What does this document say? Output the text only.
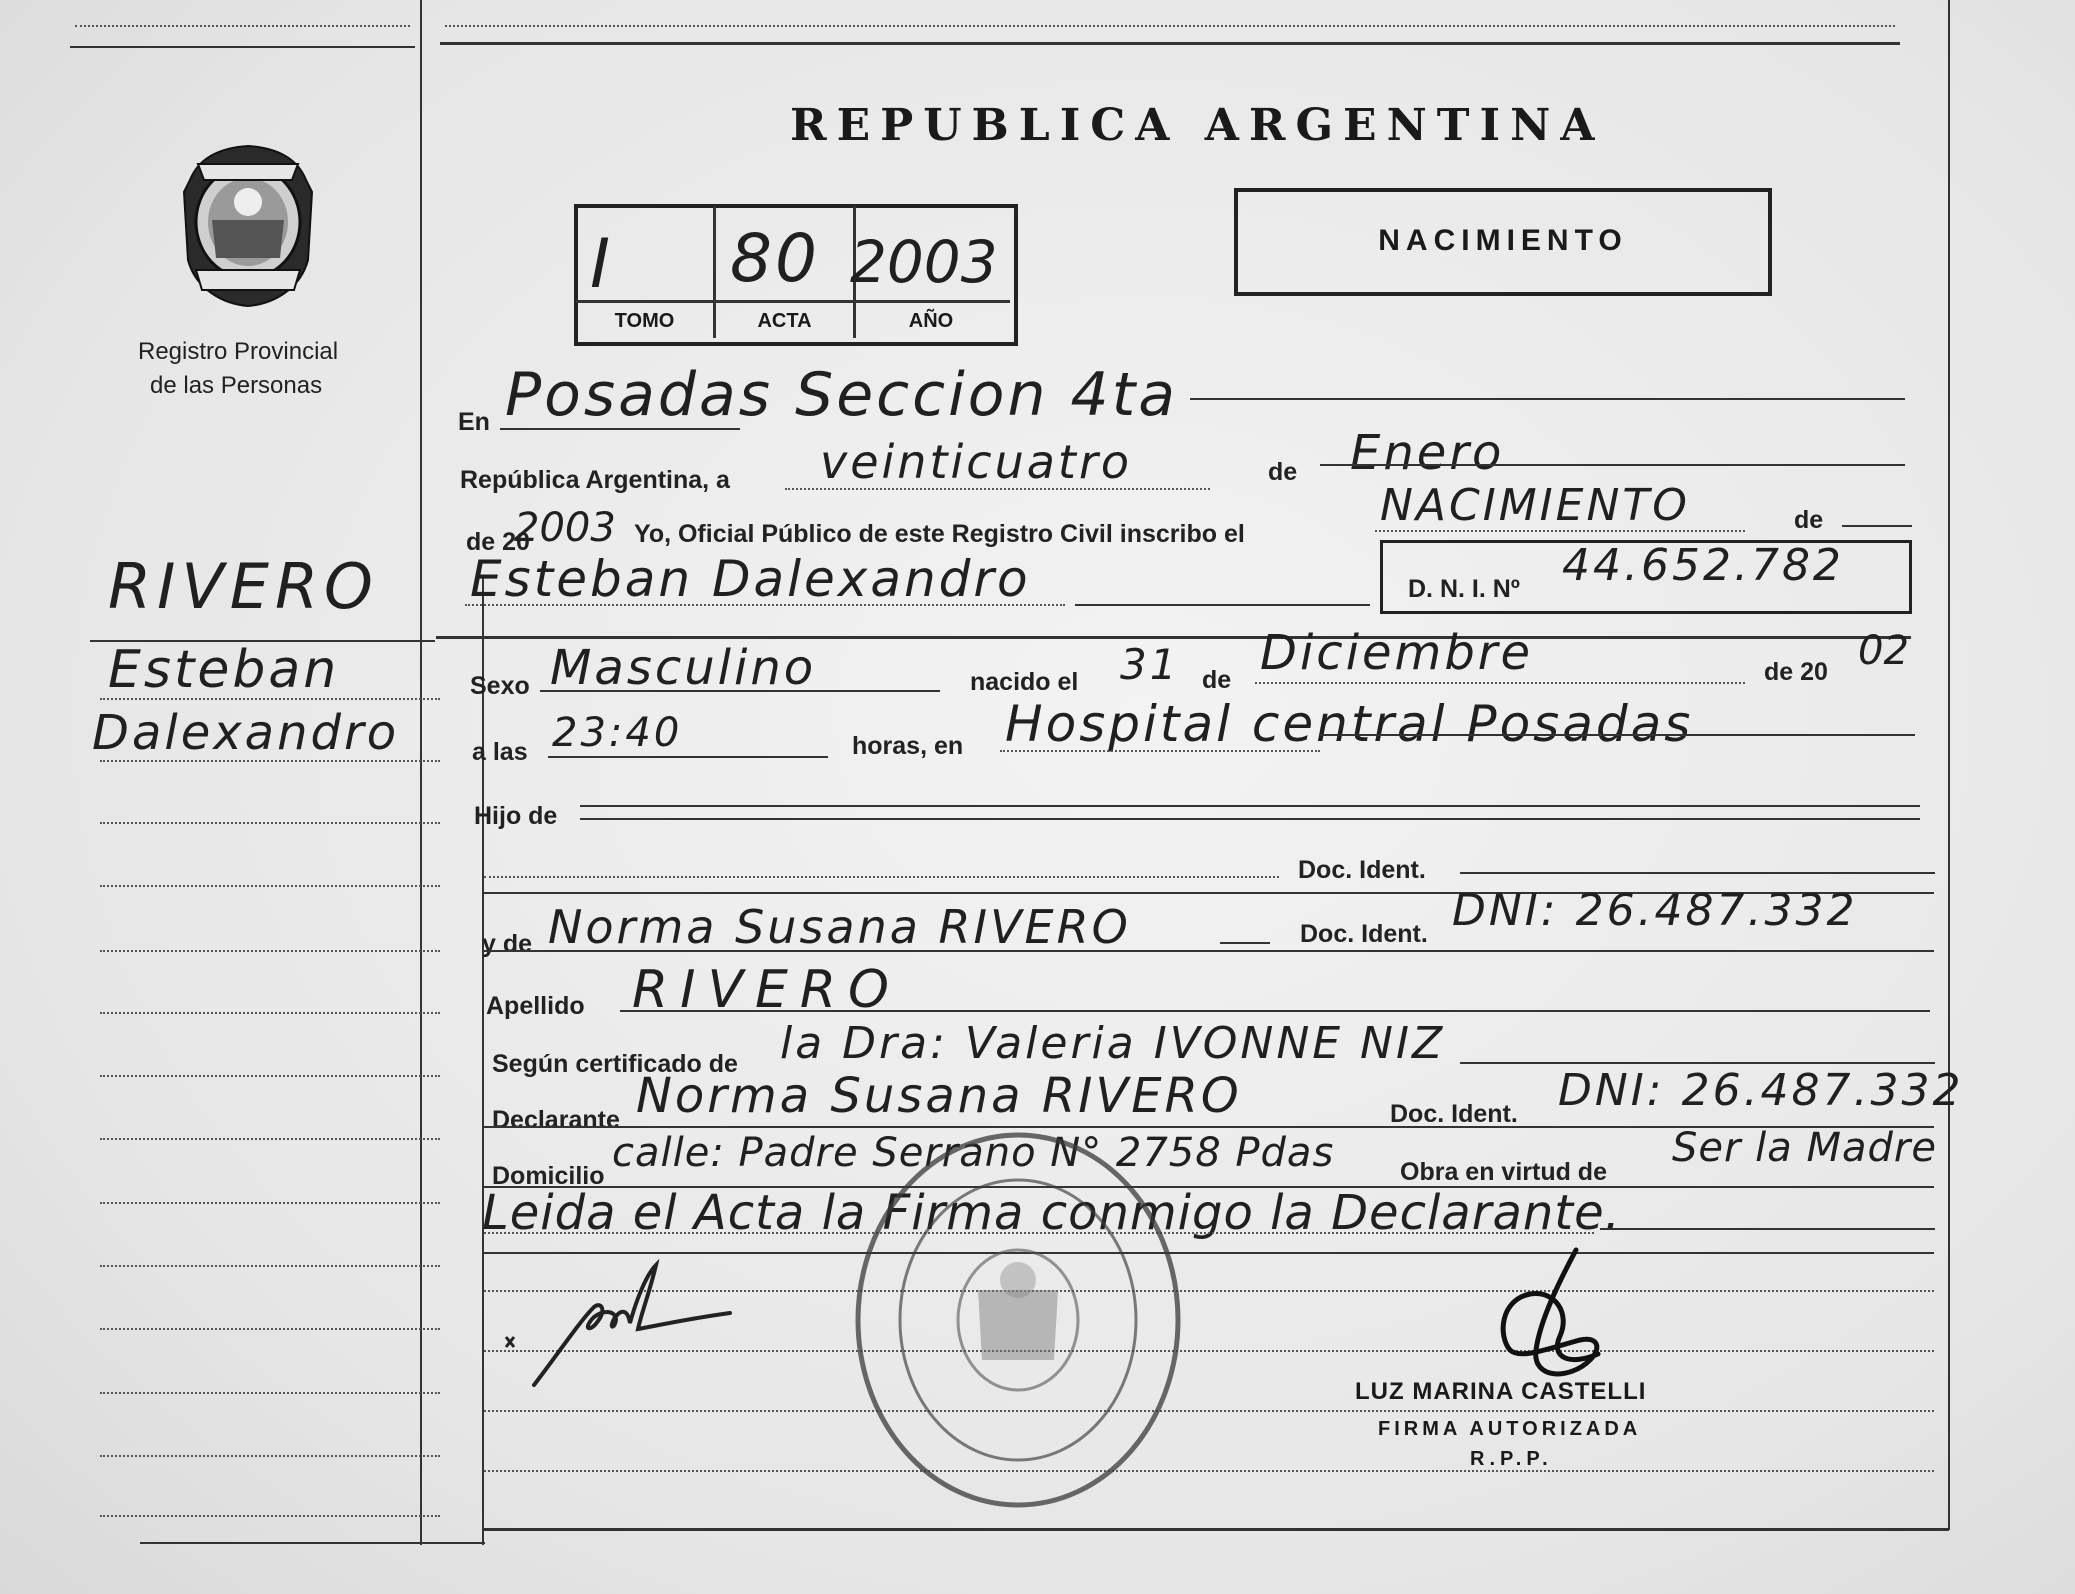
Registro Provincial
de las Personas
RIVERO
Esteban
Dalexandro
REPUBLICA ARGENTINA
I 80 2003
TOMO	ACTA	AÑO
NACIMIENTO
En Posadas Seccion 4ta
República Argentina, a veinticuatro	de Enero
de 20
2003 Yo, Oficial Público de este Registro Civil inscribo el
NACIMIENTO	de
Esteban Dalexandro	D. N. I. Nº 44.652.782
Sexo Masculino	nacido el 31 de Diciembre	de 20 02
a las 23:40	horas, en Hospital central Posadas
Hijo de
Doc. Ident.
y de Norma Susana RIVERO	Doc. Ident. DNI: 26.487.332
Apellido RIVERO
Según certificado de la Dra: Valeria IVONNE NIZ
Declarante Norma Susana RIVERO	Doc. Ident. DNI: 26.487.332
Domicilio calle: Padre Serrano N° 2758 Pdas	Obra en virtud de
Ser la Madre
Leida el Acta la Firma conmigo la Declarante.
LUZ MARINA CASTELLI
FIRMA AUTORIZADA
R.P.P.
